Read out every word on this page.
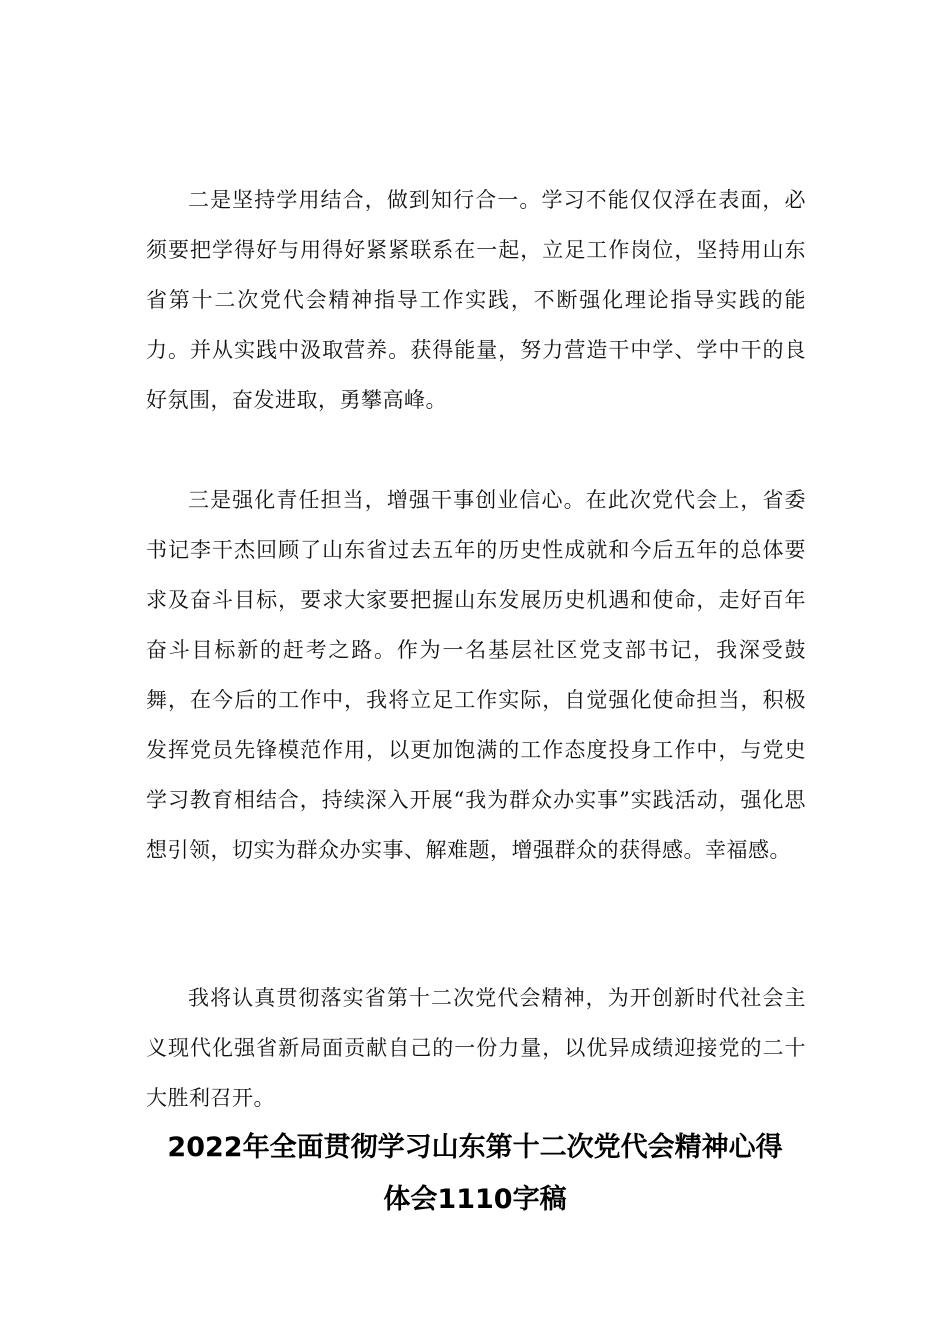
二是坚持学用结合，做到知行合一。学习不能仅仅浮在表面，必须要把学得好与用得好紧紧联系在一起，立足工作岗位，坚持用山东省第十二次党代会精神指导工作实践，不断强化理论指导实践的能力。并从实践中汲取营养。获得能量，努力营造干中学、学中干的良好氛围，奋发进取，勇攀高峰。

三是强化青任担当，增强干事创业信心。在此次党代会上，省委书记李干杰回顾了山东省过去五年的历史性成就和今后五年的总体要求及奋斗目标，要求大家要把握山东发展历史机遇和使命，走好百年奋斗目标新的赶考之路。作为一名基层社区党支部书记，我深受鼓舞，在今后的工作中，我将立足工作实际，自觉强化使命担当，积极发挥党员先锋模范作用，以更加饱满的工作态度投身工作中，与党史学习教育相结合，持续深入开展“我为群众办实事”实践活动，强化思想引领，切实为群众办实事、解难题，增强群众的获得感。幸福感。

我将认真贯彻落实省第十二次党代会精神，为开创新时代社会主义现代化强省新局面贡献自己的一份力量，以优异成绩迎接党的二十大胜利召开。

2022年全面贯彻学习山东第十二次党代会精神心得
体会1110字稿
